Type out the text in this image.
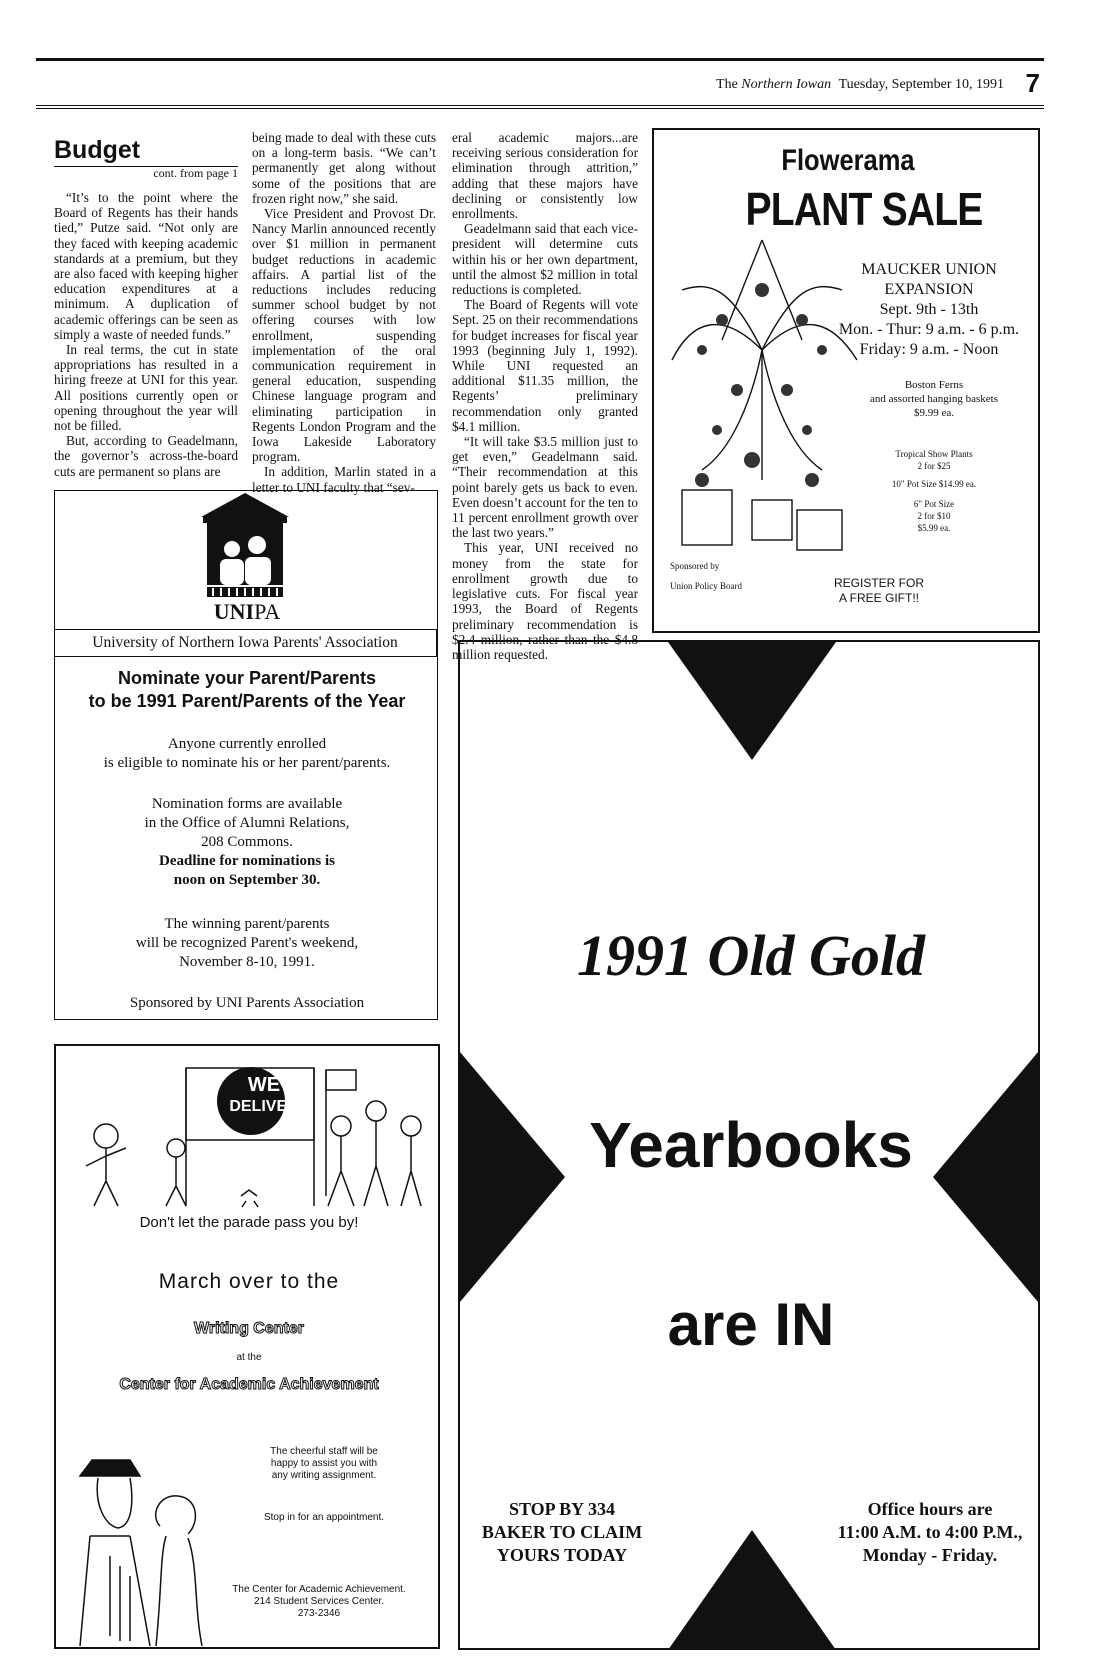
The Northern Iowan Tuesday, September 10, 1991 7
Budget
cont. from page 1

“It’s to the point where the Board of Regents has their hands tied,” Putze said. “Not only are they faced with keeping academic standards at a premium, but they are also faced with keeping higher education expenditures at a minimum. A duplication of academic offerings can be seen as simply a waste of needed funds.”

In real terms, the cut in state appropriations has resulted in a hiring freeze at UNI for this year. All positions currently open or opening throughout the year will not be filled.

But, according to Geadelmann, the governor’s across-the-board cuts are permanent so plans are

being made to deal with these cuts on a long-term basis. “We can’t permanently get along without some of the positions that are frozen right now,” she said.

Vice President and Provost Dr. Nancy Marlin announced recently over $1 million in permanent budget reductions in academic affairs. A partial list of the reductions includes reducing summer school budget by not offering courses with low enrollment, suspending implementation of the oral communication requirement in general education, suspending Chinese language program and eliminating participation in Regents London Program and the Iowa Lakeside Laboratory program.

In addition, Marlin stated in a letter to UNI faculty that “sev-

eral academic majors...are receiving serious consideration for elimination through attrition,” adding that these majors have declining or consistently low enrollments.

Geadelmann said that each vice-president will determine cuts within his or her own department, until the almost $2 million in total reductions is completed.

The Board of Regents will vote Sept. 25 on their recommendations for budget increases for fiscal year 1993 (beginning July 1, 1992). While UNI requested an additional $11.35 million, the Regents’ preliminary recommendation only granted $4.1 million.

“It will take $3.5 million just to get even,” Geadelmann said. “Their recommendation at this point barely gets us back to even. Even doesn’t account for the ten to 11 percent enrollment growth over the last two years.”

This year, UNI received no money from the state for enrollment growth due to legislative cuts. For fiscal year 1993, the Board of Regents preliminary recommendation is $2.4 million, rather than the $4.8 million requested.

Flowerama
PLANT SALE
MAUCKER UNION
EXPANSION
Sept. 9th - 13th
Mon. - Thur: 9 a.m. - 6 p.m.
Friday: 9 a.m. - Noon
Boston Ferns
and assorted hanging baskets
$9.99 ea.
Tropical Show Plants
2 for $25
10" Pot Size $14.99 ea.
6" Pot Size
2 for $10
$5.99 ea.
Sponsored by
Union Policy Board	REGISTER FOR
A FREE GIFT!!
UNIPA
University of Northern Iowa Parents' Association
Nominate your Parent/Parents
to be 1991 Parent/Parents of the Year
Anyone currently enrolled
is eligible to nominate his or her parent/parents.
Nomination forms are available
in the Office of Alumni Relations,
208 Commons.
Deadline for nominations is
noon on September 30.
The winning parent/parents
will be recognized Parent's weekend,
November 8-10, 1991.
Sponsored by UNI Parents Association
WE
DELIVER
Don't let the parade pass you by!
March over to the
Writing Center
at the
Center for Academic Achievement
The cheerful staff will be
happy to assist you with
any writing assignment.
Stop in for an appointment.
The Center for Academic Achievement.
214 Student Services Center.
273-2346
1991 Old Gold
Yearbooks
are IN
STOP BY 334
BAKER TO CLAIM
YOURS TODAY
Office hours are
11:00 A.M. to 4:00 P.M.,
Monday - Friday.
